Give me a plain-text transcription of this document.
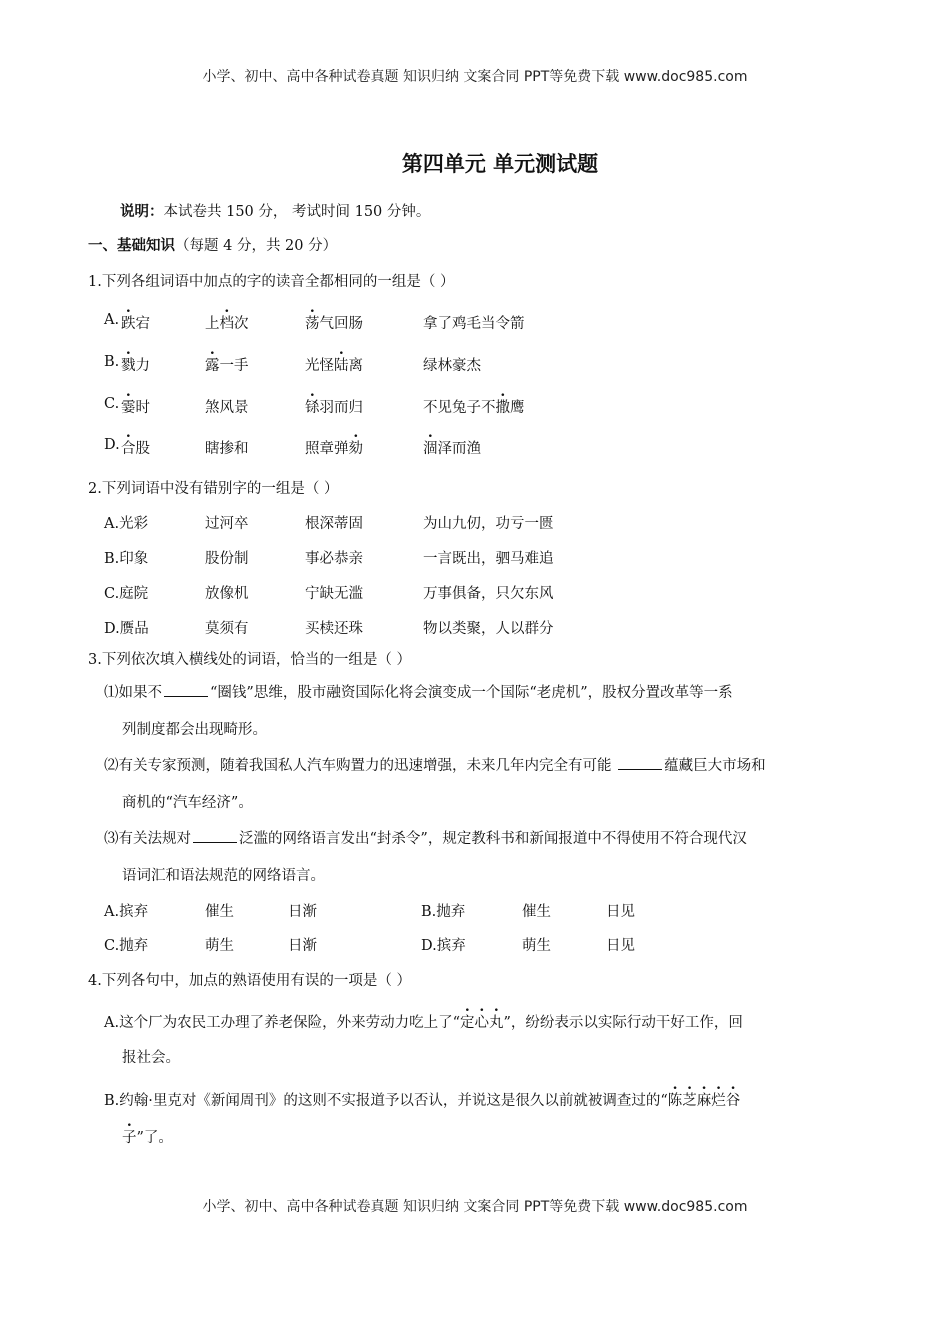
小学、初中、高中各种试卷真题 知识归纳 文案合同 PPT等免费下载 www.doc985.com
第四单元 单元测试题
说明：本试卷共 150 分， 考试时间 150 分钟。
一、基础知识（每题 4 分，共 20 分）
1.下列各组词语中加点的字的读音全都相同的一组是（ ）
A. 跌宕	上档次	荡气回肠	拿了鸡毛当令箭
B. 戮力	露一手	光怪陆离	绿林豪杰
C. 霎时	煞风景	铩羽而归	不见兔子不撒鹰
D. 合股	瞎掺和	照章弹劾	涸泽而渔
2.下列词语中没有错别字的一组是（ ）
A.光彩	过河卒	根深蒂固	为山九仞，功亏一匮
B.印象	股份制	事必恭亲	一言既出，驷马难追
C.庭院	放像机	宁缺无滥	万事俱备，只欠东风
D.赝品	莫须有	买椟还珠	物以类聚，人以群分
3.下列依次填入横线处的词语，恰当的一组是（ ）
⑴如果不	“圈钱”思维，股市融资国际化将会演变成一个国际“老虎机”，股权分置改革等一系
列制度都会出现畸形。
⑵有关专家预测，随着我国私人汽车购置力的迅速增强，未来几年内完全有可能	蕴藏巨大市场和
商机的“汽车经济”。
⑶有关法规对	泛滥的网络语言发出“封杀令”，规定教科书和新闻报道中不得使用不符合现代汉
语词汇和语法规范的网络语言。
A.摈弃	催生	日渐	B.抛弃	催生	日见
C.抛弃	萌生	日渐	D.摈弃	萌生	日见
4.下列各句中，加点的熟语使用有误的一项是（ ）
A.这个厂为农民工办理了养老保险，外来劳动力吃上了“定心丸”，纷纷表示以实际行动干好工作，回
报社会。
B.约翰·里克对《新闻周刊》的这则不实报道予以否认，并说这是很久以前就被调查过的“陈芝麻烂谷
子”了。
小学、初中、高中各种试卷真题 知识归纳 文案合同 PPT等免费下载 www.doc985.com
